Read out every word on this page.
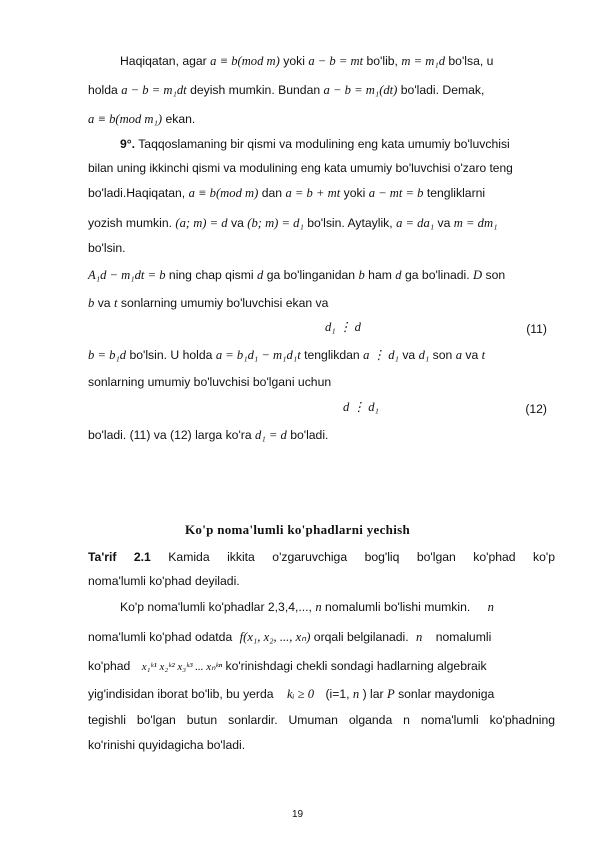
Haqiqatan, agar a ≡ b(mod m) yoki a − b = mt bo'lib, m = m₁d bo'lsa, u
holda a − b = m₁dt deyish mumkin. Bundan a − b = m₁(dt) bo'ladi. Demak,
a ≡ b(mod m₁) ekan.
9°. Taqqoslamaning bir qismi va modulining eng kata umumiy bo'luvchisi
bilan uning ikkinchi qismi va modulining eng kata umumiy bo'luvchisi o'zaro teng
bo'ladi.Haqiqatan, a ≡ b(mod m) dan a = b + mt yoki a − mt = b tengliklarni
yozish mumkin. (a; m) = d va (b; m) = d₁ bo'lsin. Aytaylik, a = da₁ va m = dm₁
bo'lsin.
A₁d − m₁dt = b ning chap qismi d ga bo'linganidan b ham d ga bo'linadi. D son
b va t sonlarning umumiy bo'luvchisi ekan va
d₁ ⋮ d	(11)
b = b₁d bo'lsin. U holda a = b₁d₁ − m₁d₁t tenglikdan a ⋮ d₁ va d₁ son a va t
sonlarning umumiy bo'luvchisi bo'lgani uchun
d ⋮ d₁	(12)
bo'ladi. (11) va (12) larga ko'ra d₁ = d bo'ladi.
Ko'p noma'lumli ko'phadlarni yechish
Ta'rif 2.1 Kamida ikkita o'zgaruvchiga bog'liq bo'lgan ko'phad ko'p
noma'lumli ko'phad deyiladi.
Ko'p noma'lumli ko'phadlar 2,3,4,..., n nomalumli bo'lishi mumkin. n
noma'lumli ko'phad odatda f(x₁, x₂, ..., xₙ) orqali belgilanadi. n nomalumli
ko'phad x₁ᵏ¹ x₂ᵏ² x₃ᵏ³ ... xₙᵏⁿ ko'rinishdagi chekli sondagi hadlarning algebraik
yig'indisidan iborat bo'lib, bu yerda kᵢ ≥ 0 (i=1, n ) lar P sonlar maydoniga
tegishli bo'lgan butun sonlardir. Umuman olganda n noma'lumli ko'phadning
ko'rinishi quyidagicha bo'ladi.
19
